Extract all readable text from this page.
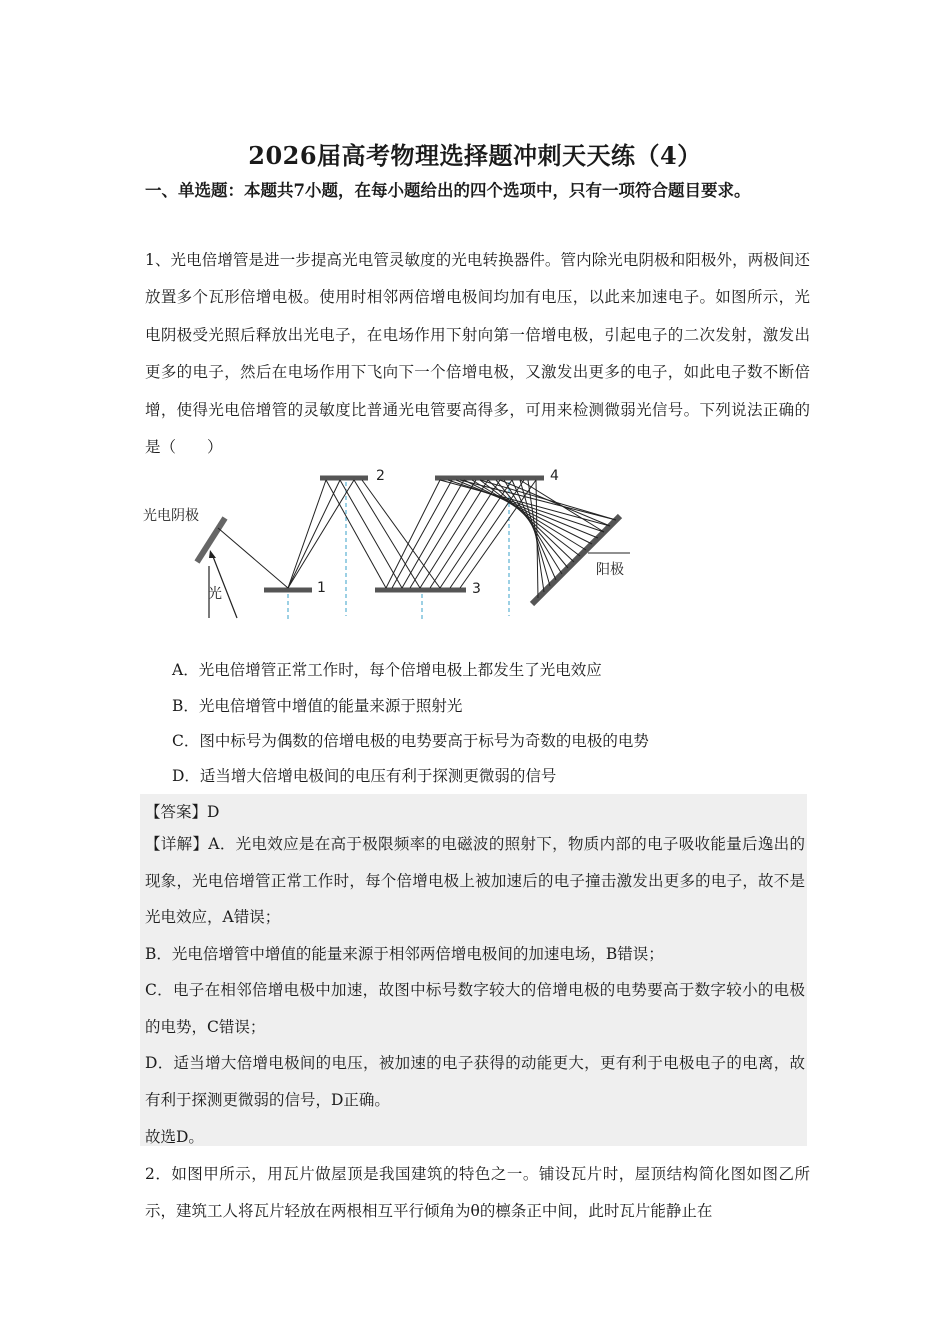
2026届高考物理选择题冲刺天天练（4）
一、单选题：本题共7小题，在每小题给出的四个选项中，只有一项符合题目要求。
1、光电倍增管是进一步提高光电管灵敏度的光电转换器件。管内除光电阴极和阳极外，两极间还放置多个瓦形倍增电极。使用时相邻两倍增电极间均加有电压，以此来加速电子。如图所示，光电阴极受光照后释放出光电子，在电场作用下射向第一倍增电极，引起电子的二次发射，激发出更多的电子，然后在电场作用下飞向下一个倍增电极，又激发出更多的电子，如此电子数不断倍增，使得光电倍增管的灵敏度比普通光电管要高得多，可用来检测微弱光信号。下列说法正确的是（　　）
光电阴极
光	1
2
3
4
阳极
A．光电倍增管正常工作时，每个倍增电极上都发生了光电效应
B．光电倍增管中增值的能量来源于照射光
C．图中标号为偶数的倍增电极的电势要高于标号为奇数的电极的电势
D．适当增大倍增电极间的电压有利于探测更微弱的信号
【答案】D
【详解】A．光电效应是在高于极限频率的电磁波的照射下，物质内部的电子吸收能量后逸出的现象，光电倍增管正常工作时，每个倍增电极上被加速后的电子撞击激发出更多的电子，故不是光电效应，A错误；
B．光电倍增管中增值的能量来源于相邻两倍增电极间的加速电场，B错误；
C．电子在相邻倍增电极中加速，故图中标号数字较大的倍增电极的电势要高于数字较小的电极的电势，C错误；
D．适当增大倍增电极间的电压，被加速的电子获得的动能更大，更有利于电极电子的电离，故有利于探测更微弱的信号，D正确。
故选D。
2．如图甲所示，用瓦片做屋顶是我国建筑的特色之一。铺设瓦片时，屋顶结构简化图如图乙所示，建筑工人将瓦片轻放在两根相互平行倾角为θ的檩条正中间，此时瓦片能静止在
